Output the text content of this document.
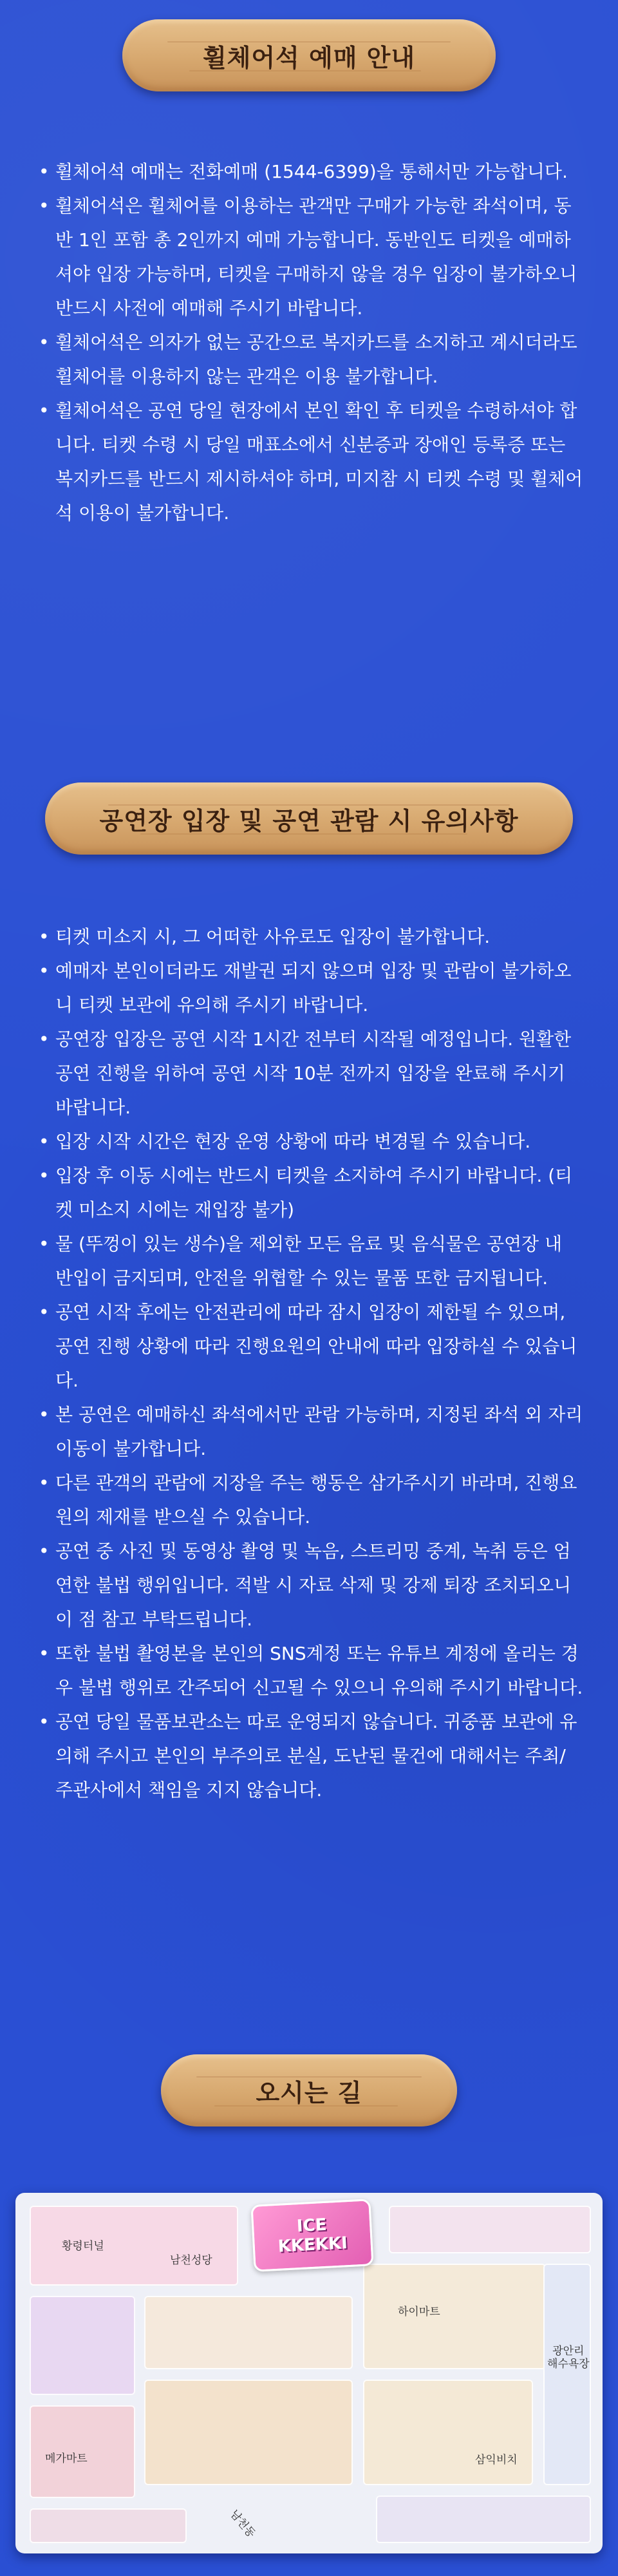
휠체어석 예매 안내
• 휠체어석 예매는 전화예매 (1544-6399)을 통해서만 가능합니다.
• 휠체어석은 휠체어를 이용하는 관객만 구매가 가능한 좌석이며, 동반 1인 포함 총 2인까지 예매 가능합니다. 동반인도 티켓을 예매하셔야 입장 가능하며, 티켓을 구매하지 않을 경우 입장이 불가하오니 반드시 사전에 예매해 주시기 바랍니다.
• 휠체어석은 의자가 없는 공간으로 복지카드를 소지하고 계시더라도 휠체어를 이용하지 않는 관객은 이용 불가합니다.
• 휠체어석은 공연 당일 현장에서 본인 확인 후 티켓을 수령하셔야 합니다. 티켓 수령 시 당일 매표소에서 신분증과 장애인 등록증 또는 복지카드를 반드시 제시하셔야 하며, 미지참 시 티켓 수령 및 휠체어석 이용이 불가합니다.
공연장 입장 및 공연 관람 시 유의사항
• 티켓 미소지 시, 그 어떠한 사유로도 입장이 불가합니다.
• 예매자 본인이더라도 재발권 되지 않으며 입장 및 관람이 불가하오니 티켓 보관에 유의해 주시기 바랍니다.
• 공연장 입장은 공연 시작 1시간 전부터 시작될 예정입니다. 원활한 공연 진행을 위하여 공연 시작 10분 전까지 입장을 완료해 주시기 바랍니다.
• 입장 시작 시간은 현장 운영 상황에 따라 변경될 수 있습니다.
• 입장 후 이동 시에는 반드시 티켓을 소지하여 주시기 바랍니다. (티켓 미소지 시에는 재입장 불가)
• 물 (뚜껑이 있는 생수)을 제외한 모든 음료 및 음식물은 공연장 내 반입이 금지되며, 안전을 위협할 수 있는 물품 또한 금지됩니다.
• 공연 시작 후에는 안전관리에 따라 잠시 입장이 제한될 수 있으며, 공연 진행 상황에 따라 진행요원의 안내에 따라 입장하실 수 있습니다.
• 본 공연은 예매하신 좌석에서만 관람 가능하며, 지정된 좌석 외 자리 이동이 불가합니다.
• 다른 관객의 관람에 지장을 주는 행동은 삼가주시기 바라며, 진행요원의 제재를 받으실 수 있습니다.
• 공연 중 사진 및 동영상 촬영 및 녹음, 스트리밍 중계, 녹취 등은 엄연한 불법 행위입니다. 적발 시 자료 삭제 및 강제 퇴장 조치되오니 이 점 참고 부탁드립니다.
• 또한 불법 촬영본을 본인의 SNS계정 또는 유튜브 계정에 올리는 경우 불법 행위로 간주되어 신고될 수 있으니 유의해 주시기 바랍니다.
• 공연 당일 물품보관소는 따로 운영되지 않습니다. 귀중품 보관에 유의해 주시고 본인의 부주의로 분실, 도난된 물건에 대해서는 주최/ 주관사에서 책임을 지지 않습니다.
오시는 길
ICE
KKEKKI
황령터널
남천성당
하이마트
광안리
해수욕장
메가마트	삼익비치
남천동
